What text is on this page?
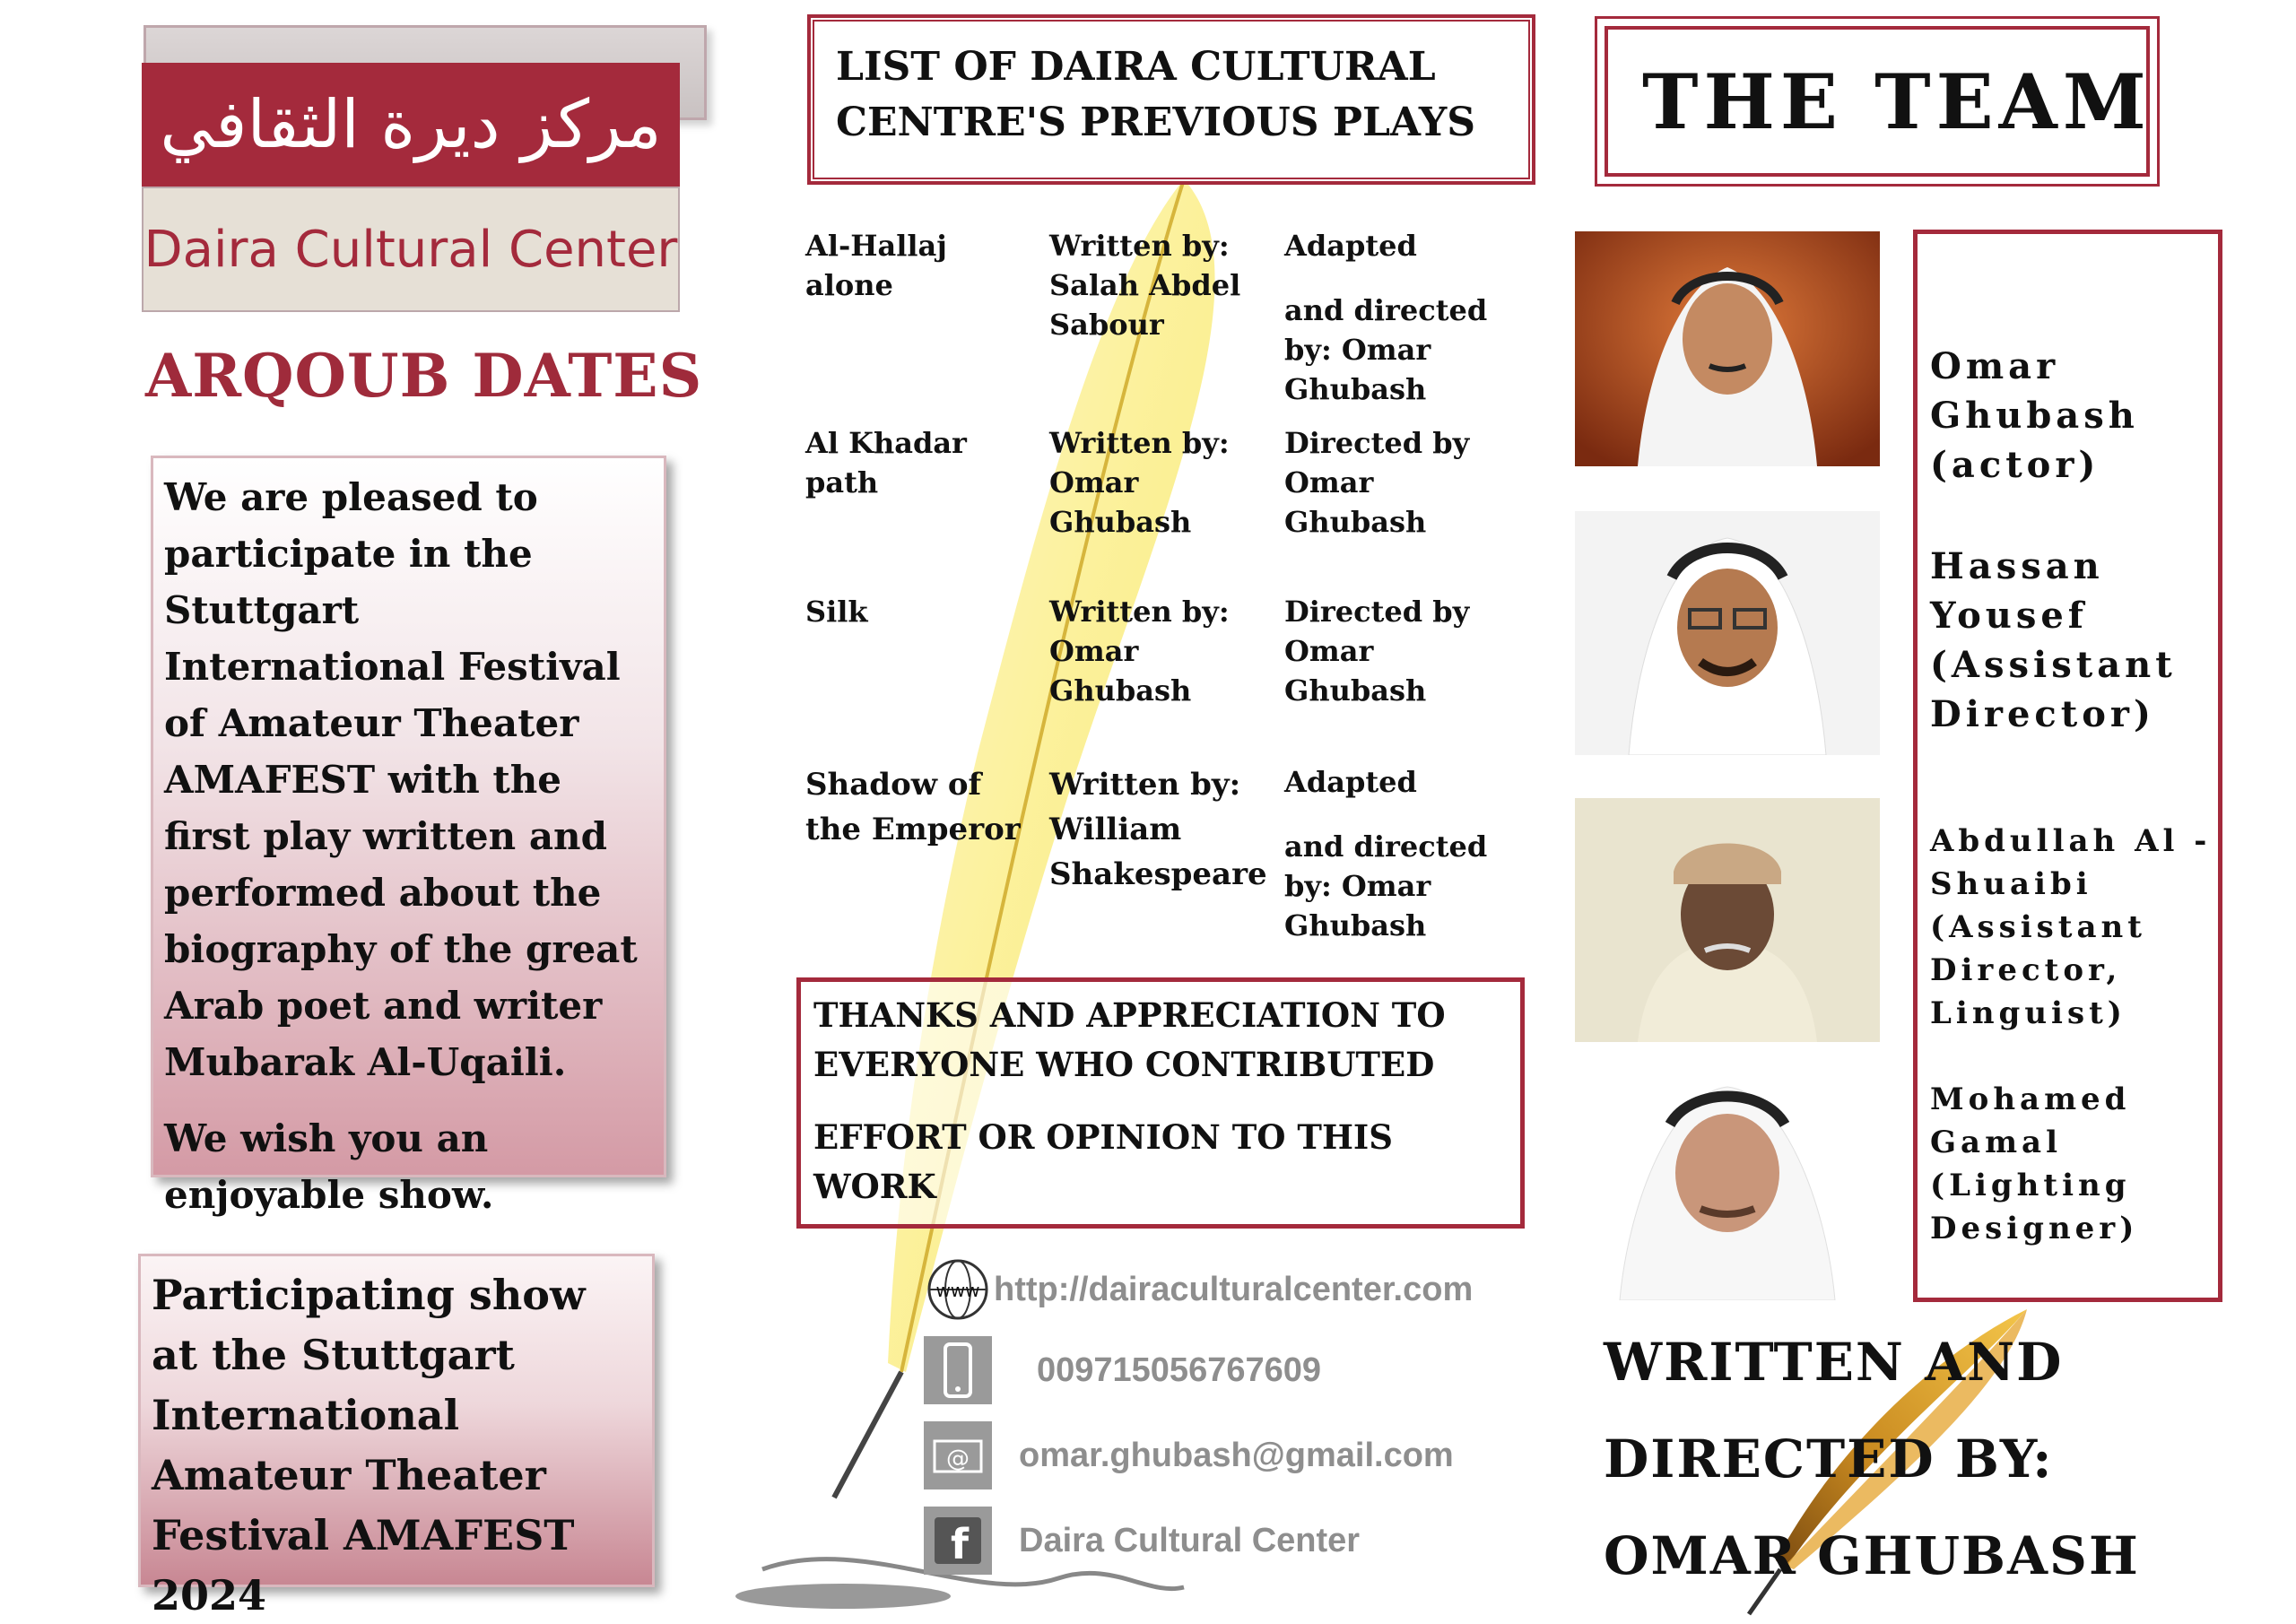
مركز ديرة الثقافي
Daira Cultural Center
ARQOUB DATES

We are pleased to participate in the Stuttgart International Festival of Amateur Theater AMAFEST with the first play written and performed about the biography of the great Arab poet and writer Mubarak Al-Uqaili.

We wish you an enjoyable show.

Participating show at the Stuttgart International Amateur Theater Festival AMAFEST 2024
LIST OF DAIRA CULTURAL CENTRE'S PREVIOUS PLAYS
Al-Hallaj alone
Written by: Salah Abdel Sabour
Adapted
and directed by: Omar Ghubash
Al Khadar path
Written by: Omar Ghubash
Directed by Omar Ghubash
Silk	Written by: Omar Ghubash
Directed by Omar Ghubash
Shadow of the Emperor
Written by: William Shakespeare
Adapted
and directed by: Omar Ghubash

THANKS AND APPRECIATION TO EVERYONE WHO CONTRIBUTED

EFFORT OR OPINION TO THIS WORK

www http://dairaculturalcenter.com
009715056767609
@ omar.ghubash@gmail.com
f Daira Cultural Center
THE TEAM
Omar Ghubash
(actor)
Hassan Yousef
(Assistant Director)
Abdullah Al -Shuaibi
(Assistant Director, Linguist)
Mohamed Gamal
(Lighting Designer)
WRITTEN AND
DIRECTED BY:
OMAR GHUBASH
